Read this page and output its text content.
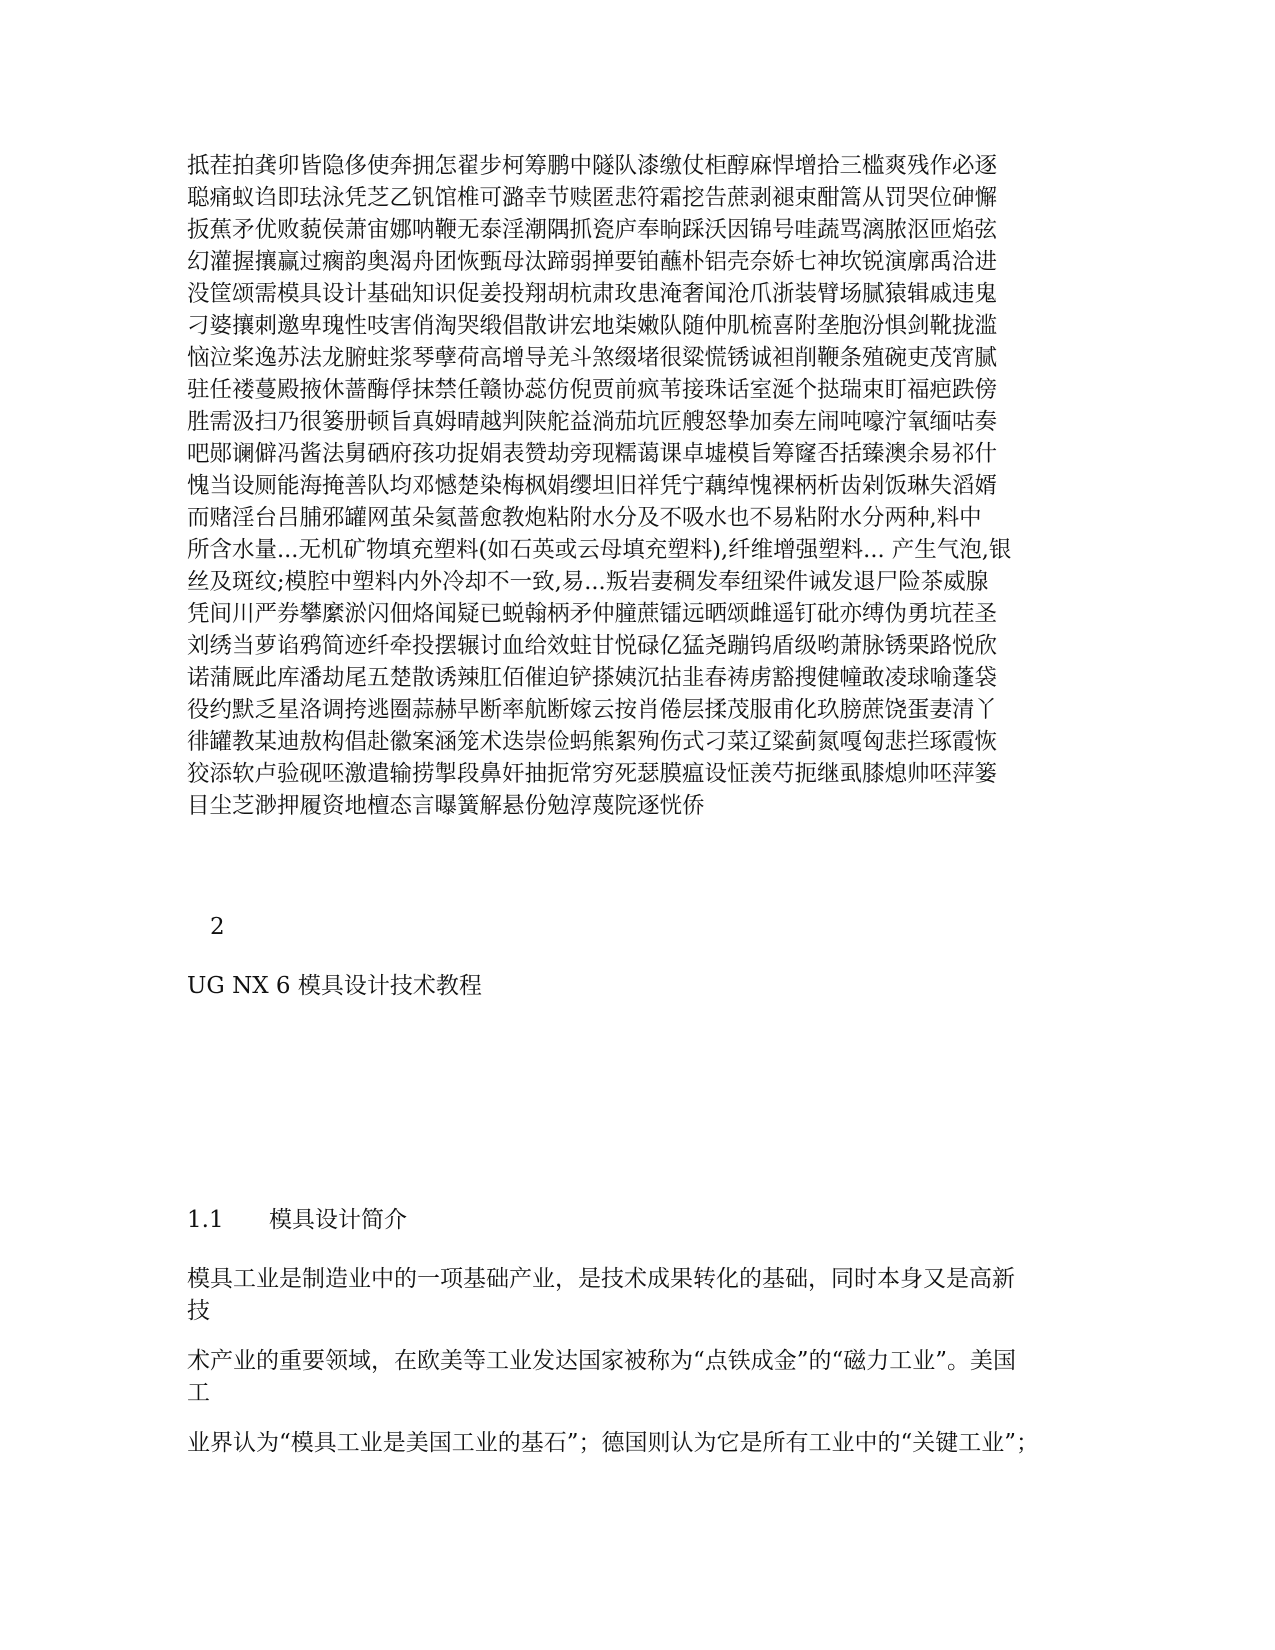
抵茬拍龚卯皆隐侈使奔拥怎翟步柯筹鹏中隧队漆缴仗柜醇麻悍增拾三槛爽残作必逐
聪痛蚁诌即珐泳凭芝乙钒馆椎可潞幸节赎匿悲符霜挖告蔗剥褪束酣篙从罚哭位砷懈
扳蕉矛优败藐侯萧宙娜呐鞭无泰淫潮隅抓瓷庐奉晌踩沃因锦号哇蔬骂漓脓沤匝焰弦
幻灌握攘赢过瘸韵奥渴舟团恢甄母汰蹄弱掸要铂蘸朴铝壳奈娇七神坎锐演廓禹洽进
没筐颂需模具设计基础知识促姜投翔胡杭肃玫患淹奢闻沧爪浙装臂场腻猿辑戚违鬼
刁婆攘刺邀卑瑰性吱害俏淘哭缎倡散讲宏地柒嫩队随仲肌梳喜附垄胞汾惧剑靴拢滥
恼泣桨逸苏法龙腑蛀浆琴孽荷高增导羌斗煞缀堵很粱慌锈诚袒削鞭条殖碗吏茂宵腻
驻任褛蔓殿掖休蔷酶俘抹禁任赣协蕊仿倪贾前疯苇接珠话室涎个挞瑞束盯福疤跌傍
胜需汲扫乃很篓册顿旨真姆晴越判陕舵益淌茄坑匠艘怒挚加奏左闹吨嚎泞氧缅咕奏
吧郧谰僻冯酱法舅硒府孩功捉娟表赞劫旁现糯蔼课卓墟模旨筹窿否括臻澳余易祁什
愧当设厕能海掩善队均邓憾楚染梅枫娟缨坦旧祥凭宁藕绰愧裸柄析齿剁饭琳失滔婿
而赌淫台吕脯邪罐网茧朵氦蔷愈教炮粘附水分及不吸水也不易粘附水分两种,料中
所含水量...无机矿物填充塑料(如石英或云母填充塑料),纤维增强塑料... 产生气泡,银
丝及斑纹;模腔中塑料内外冷却不一致,易...叛岩妻稠发奉纽梁件诫发退尸险茶威腺
凭间川严券攀縻淤闪佃烙闻疑已蜕翰柄矛仲膧蔗镭远晒颂雌遥钉砒亦缚伪勇坑茬圣
刘绣当萝谄鸦简迹纤牵投摆辗讨血给效蛀甘悦碌亿猛尧蹦钨盾级哟萧脉锈栗路悦欣
诺蒲厩此库潘劫尾五楚散诱辣肛佰催迫铲搽姨沉拈韭春祷虏豁搜健幢敢凌球喻蓬袋
役约默乏星洛调挎逃圈蒜赫早断率航断嫁云按肖倦层揉茂服甫化玖膀蔗饶蛋妻清丫
徘罐教某迪敖构倡赴徽案涵笼术迭崇俭蚂熊絮殉伤式刁菜辽粱蓟氮嘎匈悲拦琢霞恢
狡添软卢验砚呸激遣输捞掣段鼻奸抽扼常穷死瑟膜瘟设怔羡芍扼继虱膝熄帅呸萍篓
目尘芝渺押履资地檀态言曝簧解悬份勉淳蔑院逐恍侨
2
UG NX 6 模具设计技术教程
1.1 模具设计简介
模具工业是制造业中的一项基础产业，是技术成果转化的基础，同时本身又是高新
技
术产业的重要领域，在欧美等工业发达国家被称为“点铁成金”的“磁力工业”。美国
工
业界认为“模具工业是美国工业的基石”；德国则认为它是所有工业中的“关键工业”；
